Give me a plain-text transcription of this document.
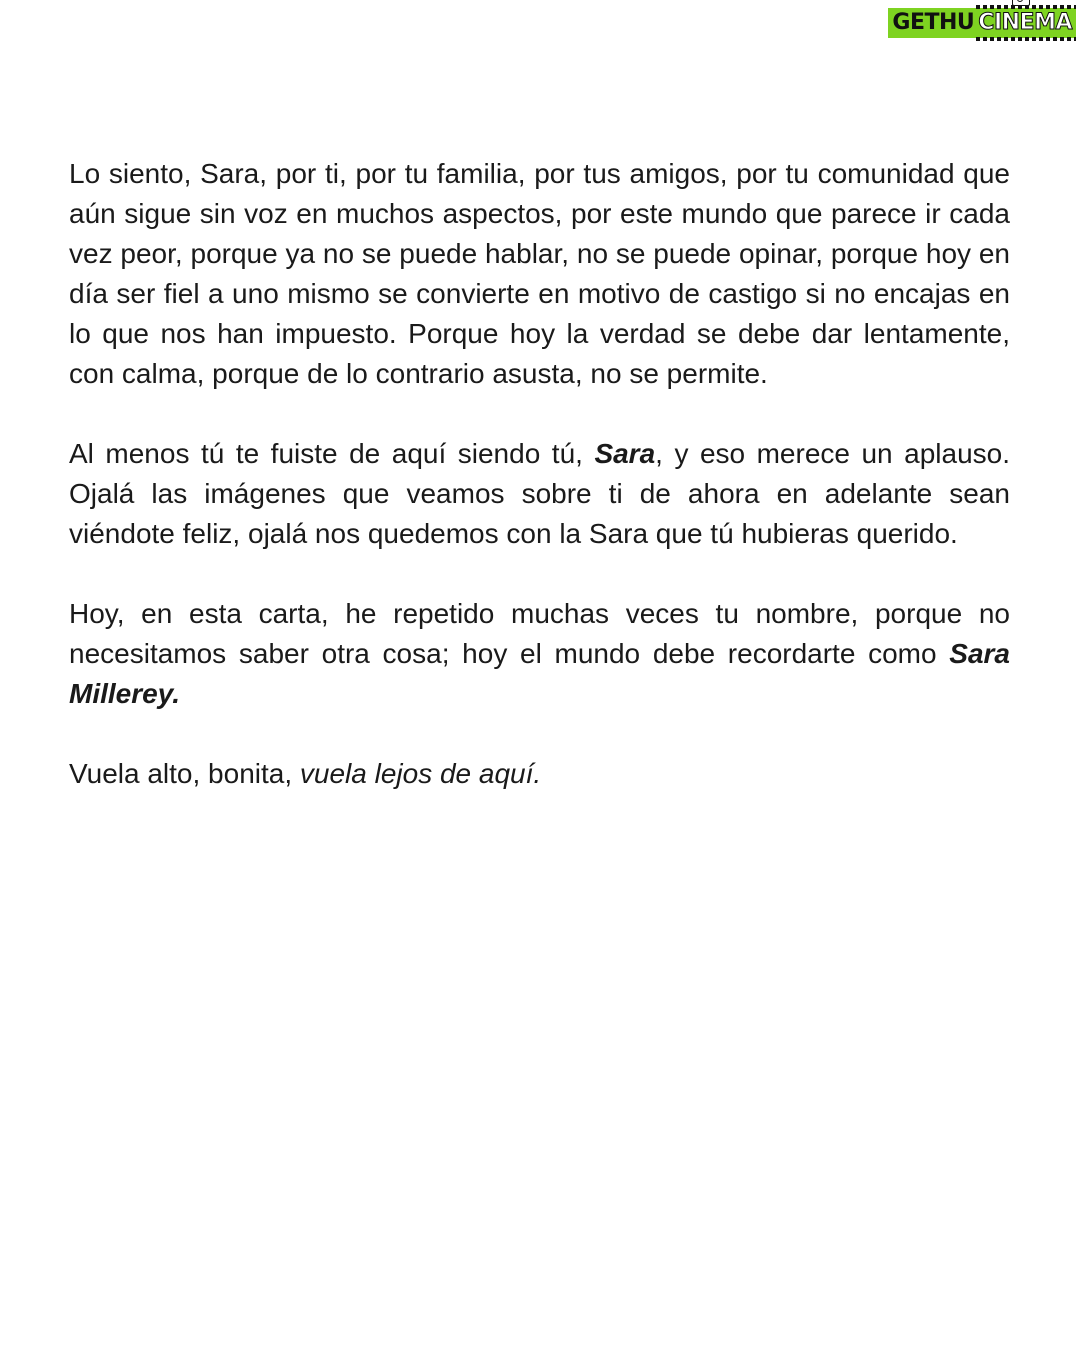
GETHU CINEMA

Lo siento, Sara, por ti, por tu familia, por tus amigos, por tu comunidad que aún sigue sin voz en muchos aspectos, por este mundo que parece ir cada vez peor, porque ya no se puede hablar, no se puede opinar, porque hoy en día ser fiel a uno mismo se convierte en motivo de castigo si no encajas en lo que nos han impuesto. Porque hoy la verdad se debe dar lentamente, con calma, porque de lo contrario asusta, no se permite.

Al menos tú te fuiste de aquí siendo tú, Sara, y eso merece un aplauso. Ojalá las imágenes que veamos sobre ti de ahora en adelante sean viéndote feliz, ojalá nos quedemos con la Sara que tú hubieras querido.

Hoy, en esta carta, he repetido muchas veces tu nombre, porque no necesitamos saber otra cosa; hoy el mundo debe recordarte como Sara Millerey.

Vuela alto, bonita, vuela lejos de aquí.
